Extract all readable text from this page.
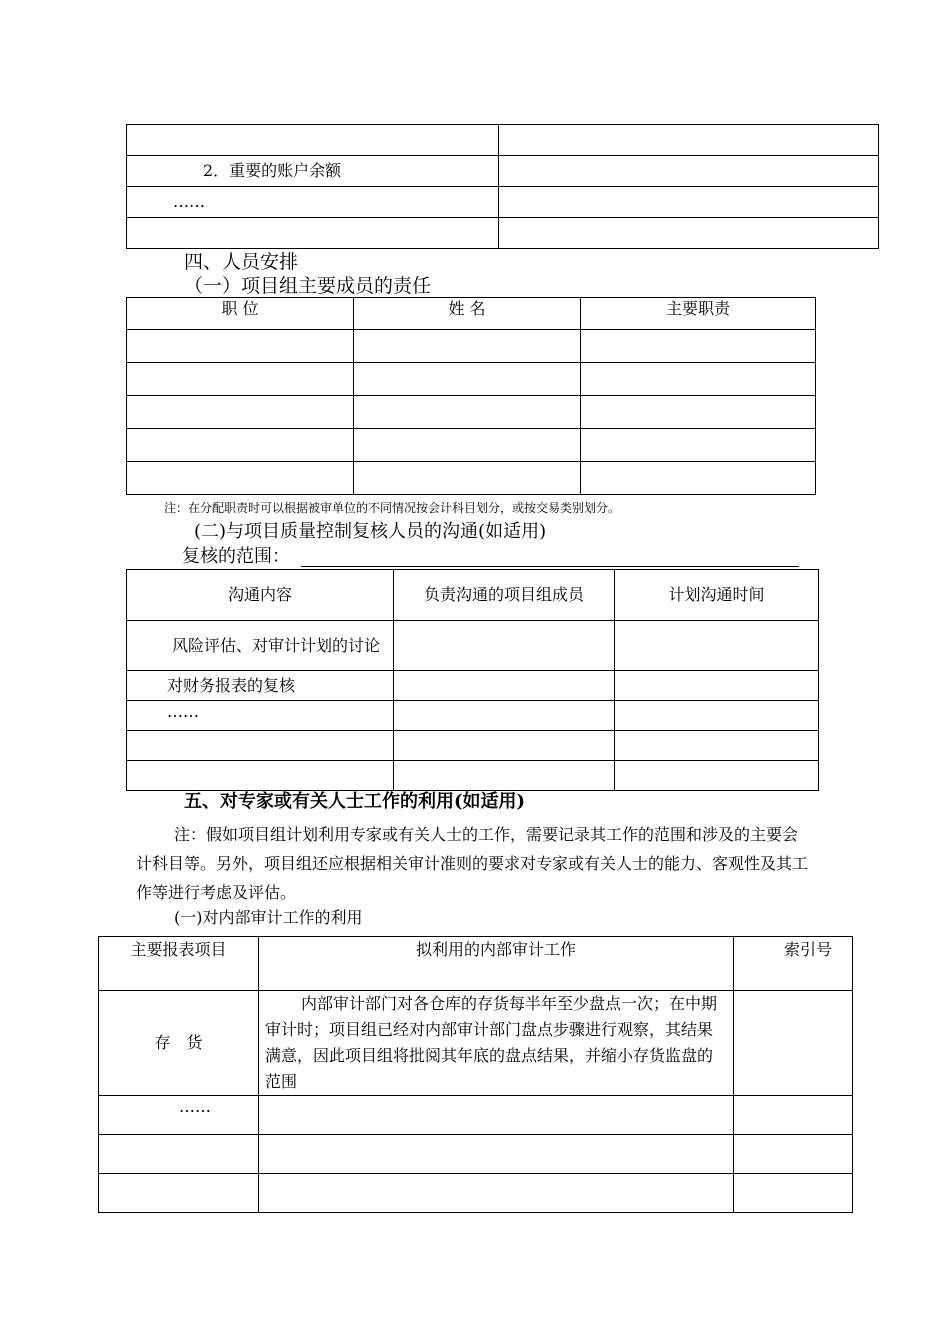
2．重要的账户余额	
……	

四、人员安排
（一）项目组主要成员的责任
职 位	姓 名	主要职责

注：在分配职责时可以根据被审单位的不同情况按会计科目划分，或按交易类别划分。
(二)与项目质量控制复核人员的沟通(如适用)
复核的范围：
沟通内容	负责沟通的项目组成员	计划沟通时间
风险评估、对审计计划的讨论		
对财务报表的复核		
……		

五、对专家或有关人士工作的利用(如适用)
注：假如项目组计划利用专家或有关人士的工作，需要记录其工作的范围和涉及的主要会计科目等。另外，项目组还应根据相关审计准则的要求对专家或有关人士的能力、客观性及其工作等进行考虑及评估。
(一)对内部审计工作的利用
主要报表项目	拟利用的内部审计工作	索引号
存　货	内部审计部门对各仓库的存货每半年至少盘点一次；在中期审计时；项目组已经对内部审计部门盘点步骤进行观察，其结果满意，因此项目组将批阅其年底的盘点结果，并缩小存货监盘的范围	
……		
